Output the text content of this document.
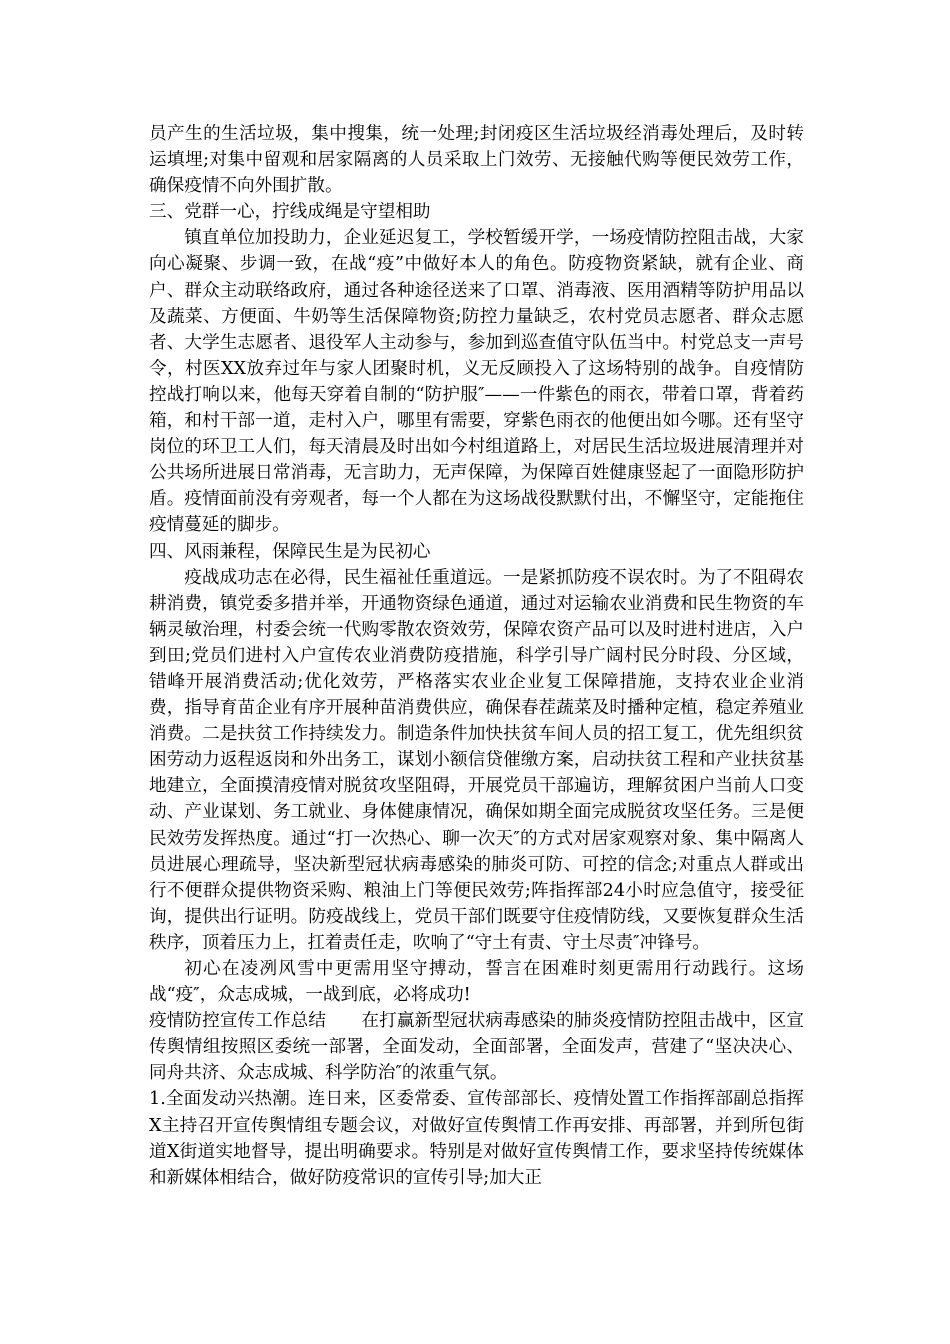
员产生的生活垃圾，集中搜集，统一处理;封闭疫区生活垃圾经消毒处理后，及时转运填埋;对集中留观和居家隔离的人员采取上门效劳、无接触代购等便民效劳工作，确保疫情不向外围扩散。

三、党群一心，拧线成绳是守望相助

镇直单位加投助力，企业延迟复工，学校暂缓开学，一场疫情防控阻击战，大家向心凝聚、步调一致，在战“疫”中做好本人的角色。防疫物资紧缺，就有企业、商户、群众主动联络政府，通过各种途径送来了口罩、消毒液、医用酒精等防护用品以及蔬菜、方便面、牛奶等生活保障物资;防控力量缺乏，农村党员志愿者、群众志愿者、大学生志愿者、退役军人主动参与，参加到巡查值守队伍当中。村党总支一声号令，村医XX放弃过年与家人团聚时机，义无反顾投入了这场特别的战争。自疫情防控战打响以来，他每天穿着自制的“防护服″——一件紫色的雨衣，带着口罩，背着药箱，和村干部一道，走村入户，哪里有需要，穿紫色雨衣的他便出如今哪。还有坚守岗位的环卫工人们，每天清晨及时出如今村组道路上，对居民生活垃圾进展清理并对公共场所进展日常消毒，无言助力，无声保障，为保障百姓健康竖起了一面隐形防护盾。疫情面前没有旁观者，每一个人都在为这场战役默默付出，不懈坚守，定能拖住疫情蔓延的脚步。

四、风雨兼程，保障民生是为民初心

疫战成功志在必得，民生福祉任重道远。一是紧抓防疫不误农时。为了不阻碍农耕消费，镇党委多措并举，开通物资绿色通道，通过对运输农业消费和民生物资的车辆灵敏治理，村委会统一代购零散农资效劳，保障农资产品可以及时进村进店，入户到田;党员们进村入户宣传农业消费防疫措施，科学引导广阔村民分时段、分区域，错峰开展消费活动;优化效劳，严格落实农业企业复工保障措施，支持农业企业消费，指导育苗企业有序开展种苗消费供应，确保春茬蔬菜及时播种定植，稳定养殖业消费。二是扶贫工作持续发力。制造条件加快扶贫车间人员的招工复工，优先组织贫困劳动力返程返岗和外出务工，谋划小额信贷催缴方案，启动扶贫工程和产业扶贫基地建立，全面摸清疫情对脱贫攻坚阻碍，开展党员干部遍访，理解贫困户当前人口变动、产业谋划、务工就业、身体健康情况，确保如期全面完成脱贫攻坚任务。三是便民效劳发挥热度。通过“打一次热心、聊一次天″的方式对居家观察对象、集中隔离人员进展心理疏导，坚决新型冠状病毒感染的肺炎可防、可控的信念;对重点人群或出行不便群众提供物资采购、粮油上门等便民效劳;阵指挥部24小时应急值守，接受征询，提供出行证明。防疫战线上，党员干部们既要守住疫情防线，又要恢复群众生活秩序，顶着压力上，扛着责任走，吹响了“守土有责、守土尽责″冲锋号。

初心在凌冽风雪中更需用坚守搏动，誓言在困难时刻更需用行动践行。这场战“疫″，众志成城，一战到底，必将成功!

疫情防控宣传工作总结　　在打赢新型冠状病毒感染的肺炎疫情防控阻击战中，区宣传舆情组按照区委统一部署，全面发动，全面部署，全面发声，营建了“坚决决心、同舟共济、众志成城、科学防治″的浓重气氛。

1.全面发动兴热潮。连日来，区委常委、宣传部部长、疫情处置工作指挥部副总指挥X主持召开宣传舆情组专题会议，对做好宣传舆情工作再安排、再部署，并到所包街道X街道实地督导，提出明确要求。特别是对做好宣传舆情工作，要求坚持传统媒体和新媒体相结合，做好防疫常识的宣传引导;加大正
